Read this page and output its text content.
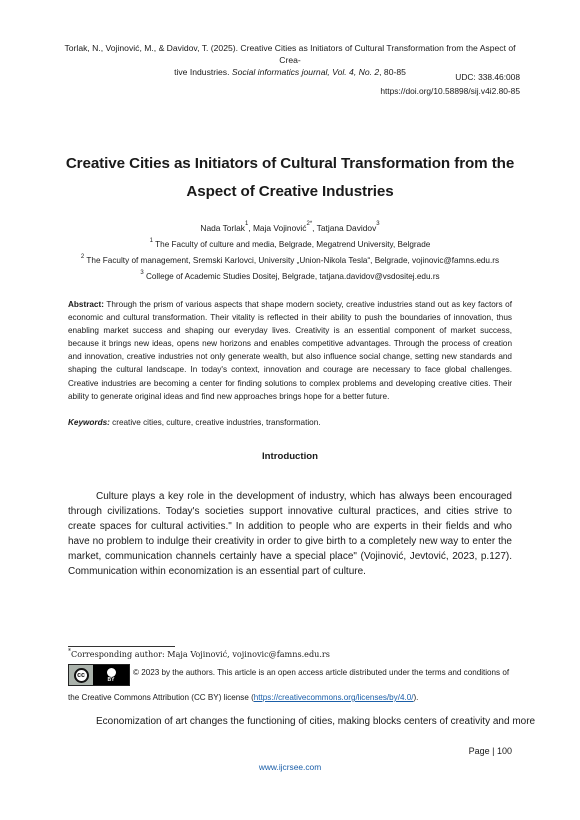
Torlak, N., Vojinović, M., & Davidov, T. (2025). Creative Cities as Initiators of Cultural Transformation from the Aspect of Crea-
tive Industries. Social informatics journal, Vol. 4, No. 2, 80-85	UDC: 338.46:008
https://doi.org/10.58898/sij.v4i2.80-85
Creative Cities as Initiators of Cultural Transformation from the Aspect of Creative Industries
Nada Torlak$^1$, Maja Vojinović$^{2*}$, Tatjana Davidov$^3$
$^1$ The Faculty of culture and media, Belgrade, Megatrend University, Belgrade
$^2$ The Faculty of management, Sremski Karlovci, University „Union-Nikola Tesla“, Belgrade, vojinovic@famns.edu.rs
$^3$ College of Academic Studies Dositej, Belgrade, tatjana.davidov@vsdositej.edu.rs
Abstract: Through the prism of various aspects that shape modern society, creative industries stand out as key factors of economic and cultural transformation. Their vitality is reflected in their ability to push the boundaries of innovation, thus enabling market success and shaping our everyday lives. Creativity is an essential component of market success, because it brings new ideas, opens new horizons and enables competitive advantages. Through the process of creation and innovation, creative industries not only generate wealth, but also influence social change, setting new standards and shaping the cultural landscape. In today's context, innovation and courage are necessary to face global challenges. Creative industries are becoming a center for finding solutions to complex problems and developing creative cities. Their ability to generate original ideas and find new approaches brings hope for a better future.
Keywords: creative cities, culture, creative industries, transformation.
Introduction
Culture plays a key role in the development of industry, which has always been encouraged through civilizations. Today's societies support innovative cultural practices, and cities strive to create spaces for cultural activities." In addition to people who are experts in their fields and who have no problem to indulge their creativity in order to give birth to a completely new way to enter the market, communication channels certainly have a special place" (Vojinović, Jevtović, 2023, p.127). Communication within economization is an essential part of culture.
*Corresponding author: Maja Vojinović, vojinovic@famns.edu.rs
cc
BY
© 2023 by the authors. This article is an open access article distributed under the terms and conditions of
the Creative Commons Attribution (CC BY) license (https://creativecommons.org/licenses/by/4.0/).
Economization of art changes the functioning of cities, making blocks centers of creativity and more
Page | 100
www.ijcrsee.com
